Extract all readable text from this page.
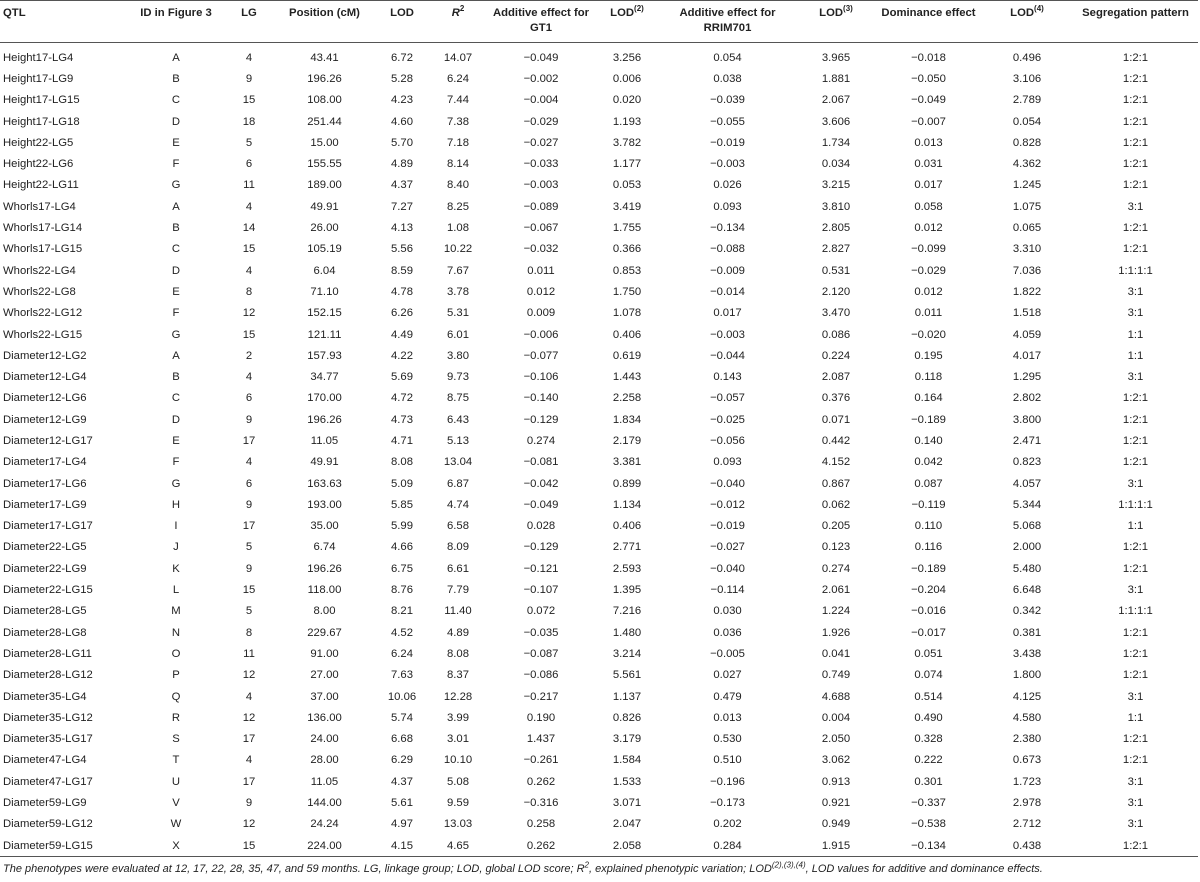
QTL	ID in Figure 3	LG	Position (cM)	LOD	$R^2$	Additive effect for GT1	LOD$^{(2)}$	Additive effect for RRIM701	LOD$^{(3)}$	Dominance effect	LOD$^{(4)}$	Segregation pattern
Height17-LG4	A	4	43.41	6.72	14.07	−0.049	3.256	0.054	3.965	−0.018	0.496	1:2:1
Height17-LG9	B	9	196.26	5.28	6.24	−0.002	0.006	0.038	1.881	−0.050	3.106	1:2:1
Height17-LG15	C	15	108.00	4.23	7.44	−0.004	0.020	−0.039	2.067	−0.049	2.789	1:2:1
Height17-LG18	D	18	251.44	4.60	7.38	−0.029	1.193	−0.055	3.606	−0.007	0.054	1:2:1
Height22-LG5	E	5	15.00	5.70	7.18	−0.027	3.782	−0.019	1.734	0.013	0.828	1:2:1
Height22-LG6	F	6	155.55	4.89	8.14	−0.033	1.177	−0.003	0.034	0.031	4.362	1:2:1
Height22-LG11	G	11	189.00	4.37	8.40	−0.003	0.053	0.026	3.215	0.017	1.245	1:2:1
Whorls17-LG4	A	4	49.91	7.27	8.25	−0.089	3.419	0.093	3.810	0.058	1.075	3:1
Whorls17-LG14	B	14	26.00	4.13	1.08	−0.067	1.755	−0.134	2.805	0.012	0.065	1:2:1
Whorls17-LG15	C	15	105.19	5.56	10.22	−0.032	0.366	−0.088	2.827	−0.099	3.310	1:2:1
Whorls22-LG4	D	4	6.04	8.59	7.67	0.011	0.853	−0.009	0.531	−0.029	7.036	1:1:1:1
Whorls22-LG8	E	8	71.10	4.78	3.78	0.012	1.750	−0.014	2.120	0.012	1.822	3:1
Whorls22-LG12	F	12	152.15	6.26	5.31	0.009	1.078	0.017	3.470	0.011	1.518	3:1
Whorls22-LG15	G	15	121.11	4.49	6.01	−0.006	0.406	−0.003	0.086	−0.020	4.059	1:1
Diameter12-LG2	A	2	157.93	4.22	3.80	−0.077	0.619	−0.044	0.224	0.195	4.017	1:1
Diameter12-LG4	B	4	34.77	5.69	9.73	−0.106	1.443	0.143	2.087	0.118	1.295	3:1
Diameter12-LG6	C	6	170.00	4.72	8.75	−0.140	2.258	−0.057	0.376	0.164	2.802	1:2:1
Diameter12-LG9	D	9	196.26	4.73	6.43	−0.129	1.834	−0.025	0.071	−0.189	3.800	1:2:1
Diameter12-LG17	E	17	11.05	4.71	5.13	0.274	2.179	−0.056	0.442	0.140	2.471	1:2:1
Diameter17-LG4	F	4	49.91	8.08	13.04	−0.081	3.381	0.093	4.152	0.042	0.823	1:2:1
Diameter17-LG6	G	6	163.63	5.09	6.87	−0.042	0.899	−0.040	0.867	0.087	4.057	3:1
Diameter17-LG9	H	9	193.00	5.85	4.74	−0.049	1.134	−0.012	0.062	−0.119	5.344	1:1:1:1
Diameter17-LG17	I	17	35.00	5.99	6.58	0.028	0.406	−0.019	0.205	0.110	5.068	1:1
Diameter22-LG5	J	5	6.74	4.66	8.09	−0.129	2.771	−0.027	0.123	0.116	2.000	1:2:1
Diameter22-LG9	K	9	196.26	6.75	6.61	−0.121	2.593	−0.040	0.274	−0.189	5.480	1:2:1
Diameter22-LG15	L	15	118.00	8.76	7.79	−0.107	1.395	−0.114	2.061	−0.204	6.648	3:1
Diameter28-LG5	M	5	8.00	8.21	11.40	0.072	7.216	0.030	1.224	−0.016	0.342	1:1:1:1
Diameter28-LG8	N	8	229.67	4.52	4.89	−0.035	1.480	0.036	1.926	−0.017	0.381	1:2:1
Diameter28-LG11	O	11	91.00	6.24	8.08	−0.087	3.214	−0.005	0.041	0.051	3.438	1:2:1
Diameter28-LG12	P	12	27.00	7.63	8.37	−0.086	5.561	0.027	0.749	0.074	1.800	1:2:1
Diameter35-LG4	Q	4	37.00	10.06	12.28	−0.217	1.137	0.479	4.688	0.514	4.125	3:1
Diameter35-LG12	R	12	136.00	5.74	3.99	0.190	0.826	0.013	0.004	0.490	4.580	1:1
Diameter35-LG17	S	17	24.00	6.68	3.01	1.437	3.179	0.530	2.050	0.328	2.380	1:2:1
Diameter47-LG4	T	4	28.00	6.29	10.10	−0.261	1.584	0.510	3.062	0.222	0.673	1:2:1
Diameter47-LG17	U	17	11.05	4.37	5.08	0.262	1.533	−0.196	0.913	0.301	1.723	3:1
Diameter59-LG9	V	9	144.00	5.61	9.59	−0.316	3.071	−0.173	0.921	−0.337	2.978	3:1
Diameter59-LG12	W	12	24.24	4.97	13.03	0.258	2.047	0.202	0.949	−0.538	2.712	3:1
Diameter59-LG15	X	15	224.00	4.15	4.65	0.262	2.058	0.284	1.915	−0.134	0.438	1:2:1
The phenotypes were evaluated at 12, 17, 22, 28, 35, 47, and 59 months. LG, linkage group; LOD, global LOD score; $R^2$, explained phenotypic variation; $LOD^{(2),(3),(4)}$, LOD values for additive and dominance effects.
